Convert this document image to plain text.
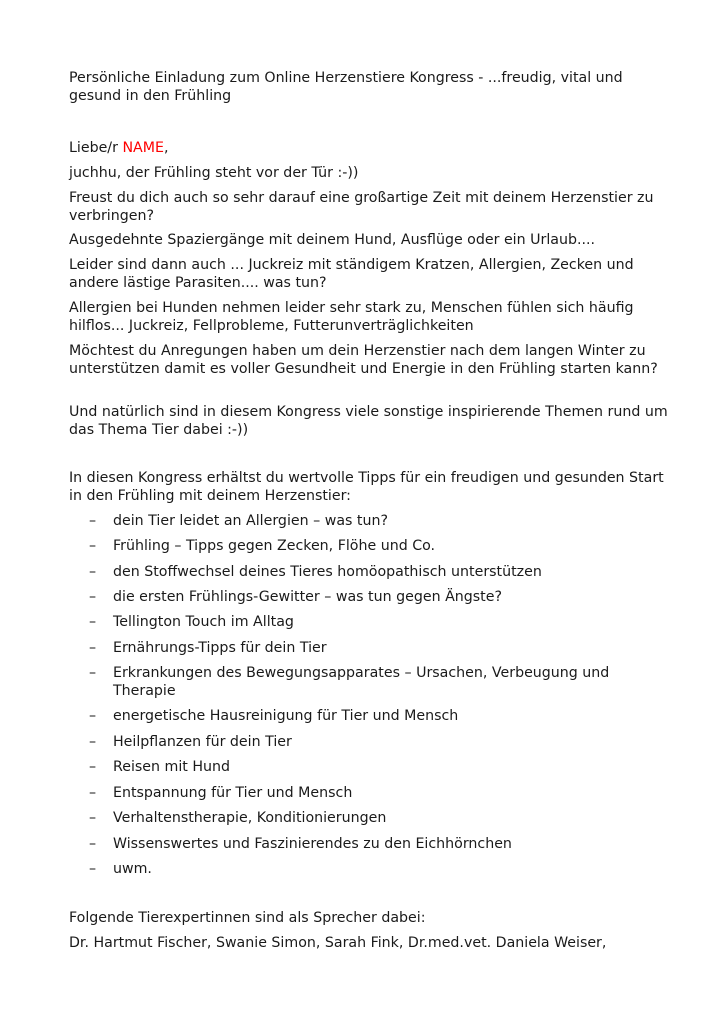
Persönliche Einladung zum Online Herzenstiere Kongress - ...freudig, vital und gesund in den Frühling
Liebe/r NAME,
juchhu, der Frühling steht vor der Tür :-))
Freust du dich auch so sehr darauf eine großartige Zeit mit deinem Herzenstier zu verbringen?
Ausgedehnte Spaziergänge mit deinem Hund, Ausflüge oder ein Urlaub....
Leider sind dann auch ... Juckreiz mit ständigem Kratzen, Allergien, Zecken und andere lästige Parasiten.... was tun?
Allergien bei Hunden nehmen leider sehr stark zu, Menschen fühlen sich häufig hilflos... Juckreiz, Fellprobleme, Futterunverträglichkeiten
Möchtest du Anregungen haben um dein Herzenstier nach dem langen Winter zu unterstützen damit es voller Gesundheit und Energie in den Frühling starten kann?
Und natürlich sind in diesem Kongress viele sonstige inspirierende Themen rund um das Thema Tier dabei :-))
In diesen Kongress erhältst du wertvolle Tipps für ein freudigen und gesunden Start in den Frühling mit deinem Herzenstier:
– dein Tier leidet an Allergien – was tun?
– Frühling – Tipps gegen Zecken, Flöhe und Co.
– den Stoffwechsel deines Tieres homöopathisch unterstützen
– die ersten Frühlings-Gewitter – was tun gegen Ängste?
– Tellington Touch im Alltag
– Ernährungs-Tipps für dein Tier
– Erkrankungen des Bewegungsapparates – Ursachen, Verbeugung und Therapie
– energetische Hausreinigung für Tier und Mensch
– Heilpflanzen für dein Tier
– Reisen mit Hund
– Entspannung für Tier und Mensch
– Verhaltenstherapie, Konditionierungen
– Wissenswertes und Faszinierendes zu den Eichhörnchen
– uwm.
Folgende Tierexpertinnen sind als Sprecher dabei:
Dr. Hartmut Fischer, Swanie Simon, Sarah Fink, Dr.med.vet. Daniela Weiser,
